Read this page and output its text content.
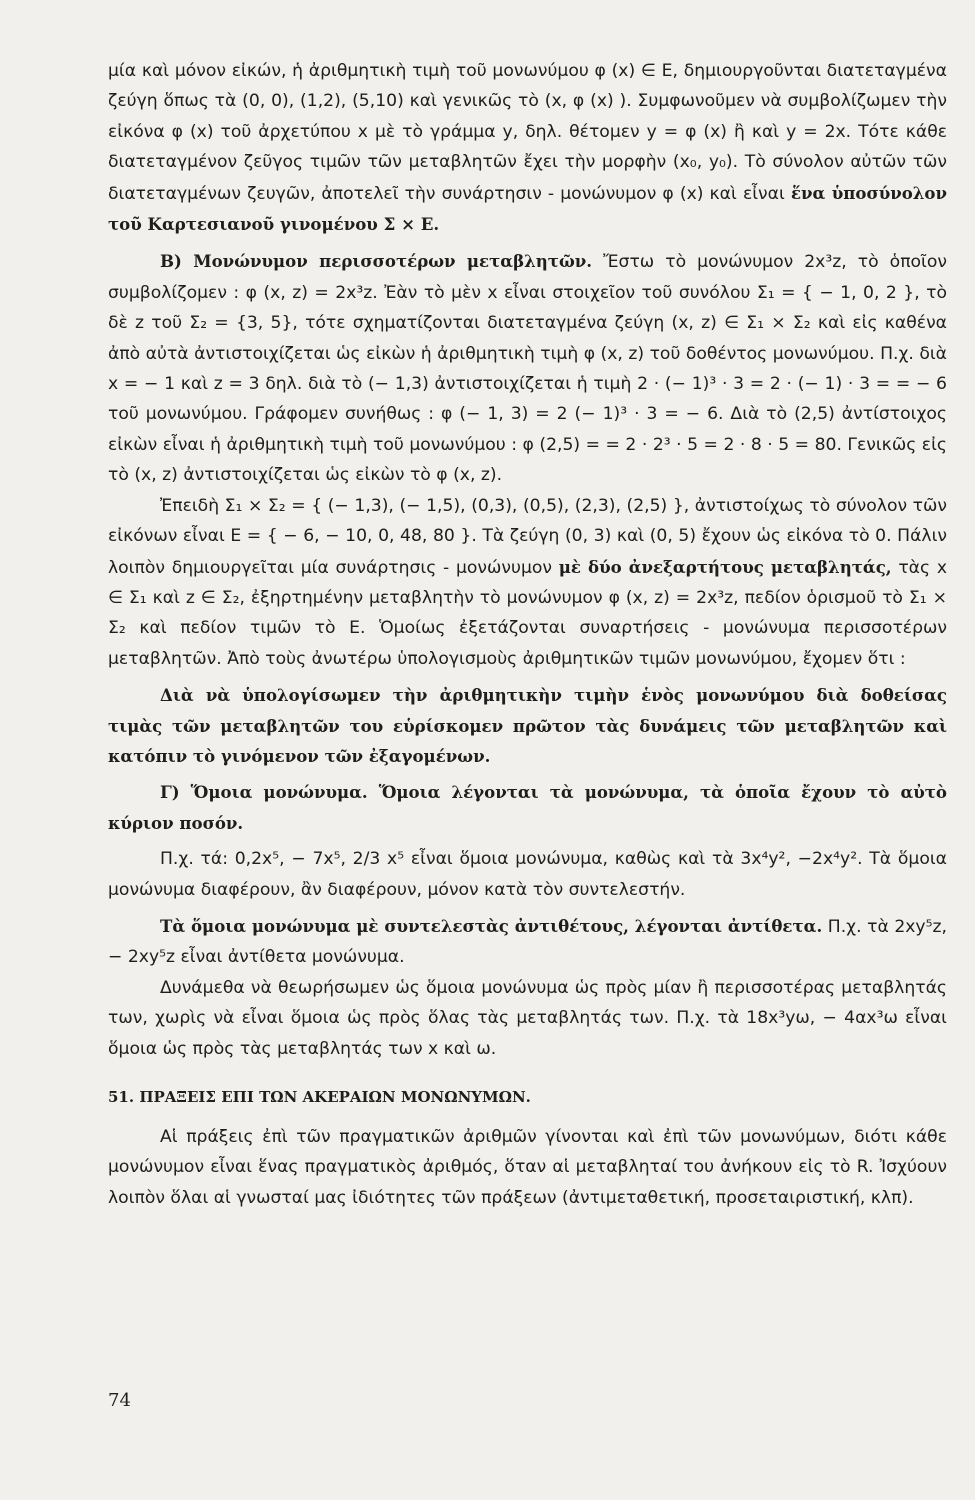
μία καὶ μόνον εἰκών, ἡ ἀριθμητικὴ τιμὴ τοῦ μονωνύμου φ (x) ∈ E, δημιουργοῦνται διατεταγμένα ζεύγη ὅπως τὰ (0, 0), (1,2), (5,10) καὶ γενικῶς τὸ (x, φ (x) ). Συμφωνοῦμεν νὰ συμβολίζωμεν τὴν εἰκόνα φ (x) τοῦ ἀρχετύπου x μὲ τὸ γράμμα y, δηλ. θέτομεν y = φ (x) ἢ καὶ y = 2x. Τότε κάθε διατεταγμένον ζεῦγος τιμῶν τῶν μεταβλητῶν ἔχει τὴν μορφὴν (x₀, y₀). Τὸ σύνολον αὐτῶν τῶν διατεταγμένων ζευγῶν, ἀποτελεῖ τὴν συνάρτησιν - μονώνυμον φ (x) καὶ εἶναι ἕνα ὑποσύνολον τοῦ Καρτεσιανοῦ γινομένου Σ × Ε.

B) Μονώνυμον περισσοτέρων μεταβλητῶν. Ἔστω τὸ μονώνυμον 2x³z, τὸ ὁποῖον συμβολίζομεν : φ (x, z) = 2x³z. Ἐὰν τὸ μὲν x εἶναι στοιχεῖον τοῦ συνόλου Σ₁ = { − 1, 0, 2 }, τὸ δὲ z τοῦ Σ₂ = {3, 5}, τότε σχηματίζονται διατεταγμένα ζεύγη (x, z) ∈ Σ₁ × Σ₂ καὶ εἰς καθένα ἀπὸ αὐτὰ ἀντιστοιχίζεται ὡς εἰκὼν ἡ ἀριθμητικὴ τιμὴ φ (x, z) τοῦ δοθέντος μονωνύμου. Π.χ. διὰ x = − 1 καὶ z = 3 δηλ. διὰ τὸ (− 1,3) ἀντιστοιχίζεται ἡ τιμὴ 2 · (− 1)³ · 3 = 2 · (− 1) · 3 = = − 6 τοῦ μονωνύμου. Γράφομεν συνήθως : φ (− 1, 3) = 2 (− 1)³ · 3 = − 6. Διὰ τὸ (2,5) ἀντίστοιχος εἰκὼν εἶναι ἡ ἀριθμητικὴ τιμὴ τοῦ μονωνύμου : φ (2,5) = = 2 · 2³ · 5 = 2 · 8 · 5 = 80. Γενικῶς εἰς τὸ (x, z) ἀντιστοιχίζεται ὡς εἰκὼν τὸ φ (x, z).

Ἐπειδὴ Σ₁ × Σ₂ = { (− 1,3), (− 1,5), (0,3), (0,5), (2,3), (2,5) }, ἀντιστοίχως τὸ σύνολον τῶν εἰκόνων εἶναι E = { − 6, − 10, 0, 48, 80 }. Τὰ ζεύγη (0, 3) καὶ (0, 5) ἔχουν ὡς εἰκόνα τὸ 0. Πάλιν λοιπὸν δημιουργεῖται μία συνάρτησις - μονώνυμον μὲ δύο ἀνεξαρτήτους μεταβλητάς, τὰς x ∈ Σ₁ καὶ z ∈ Σ₂, ἐξηρτημένην μεταβλητὴν τὸ μονώνυμον φ (x, z) = 2x³z, πεδίον ὁρισμοῦ τὸ Σ₁ × Σ₂ καὶ πεδίον τιμῶν τὸ E. Ὁμοίως ἐξετάζονται συναρτήσεις - μονώνυμα περισσοτέρων μεταβλητῶν. Ἀπὸ τοὺς ἀνωτέρω ὑπολογισμοὺς ἀριθμητικῶν τιμῶν μονωνύμου, ἔχομεν ὅτι :

Διὰ νὰ ὑπολογίσωμεν τὴν ἀριθμητικὴν τιμὴν ἑνὸς μονωνύμου διὰ δοθείσας τιμὰς τῶν μεταβλητῶν του εὑρίσκομεν πρῶτον τὰς δυνάμεις τῶν μεταβλητῶν καὶ κατόπιν τὸ γινόμενον τῶν ἐξαγομένων.

Γ) Ὅμοια μονώνυμα. Ὅμοια λέγονται τὰ μονώνυμα, τὰ ὁποῖα ἔχουν τὸ αὐτὸ κύριον ποσόν.

Π.χ. τά: 0,2x⁵, − 7x⁵, 2/3 x⁵ εἶναι ὅμοια μονώνυμα, καθὼς καὶ τὰ 3x⁴y², −2x⁴y². Τὰ ὅμοια μονώνυμα διαφέρουν, ἂν διαφέρουν, μόνον κατὰ τὸν συντελεστήν.

Τὰ ὅμοια μονώνυμα μὲ συντελεστὰς ἀντιθέτους, λέγονται ἀντίθετα. Π.χ. τὰ 2xy⁵z, − 2xy⁵z εἶναι ἀντίθετα μονώνυμα.

Δυνάμεθα νὰ θεωρήσωμεν ὡς ὅμοια μονώνυμα ὡς πρὸς μίαν ἢ περισσοτέρας μεταβλητάς των, χωρὶς νὰ εἶναι ὅμοια ὡς πρὸς ὅλας τὰς μεταβλητάς των. Π.χ. τὰ 18x³yω, − 4αx³ω εἶναι ὅμοια ὡς πρὸς τὰς μεταβλητάς των x καὶ ω.

51. ΠΡΑΞΕΙΣ ΕΠΙ ΤΩΝ ΑΚΕΡΑΙΩΝ ΜΟΝΩΝΥΜΩΝ.

Αἱ πράξεις ἐπὶ τῶν πραγματικῶν ἀριθμῶν γίνονται καὶ ἐπὶ τῶν μονωνύμων, διότι κάθε μονώνυμον εἶναι ἕνας πραγματικὸς ἀριθμός, ὅταν αἱ μεταβληταί του ἀνήκουν εἰς τὸ R. Ἰσχύουν λοιπὸν ὅλαι αἱ γνωσταί μας ἰδιότητες τῶν πράξεων (ἀντιμεταθετική, προσεταιριστική, κλπ).

74
